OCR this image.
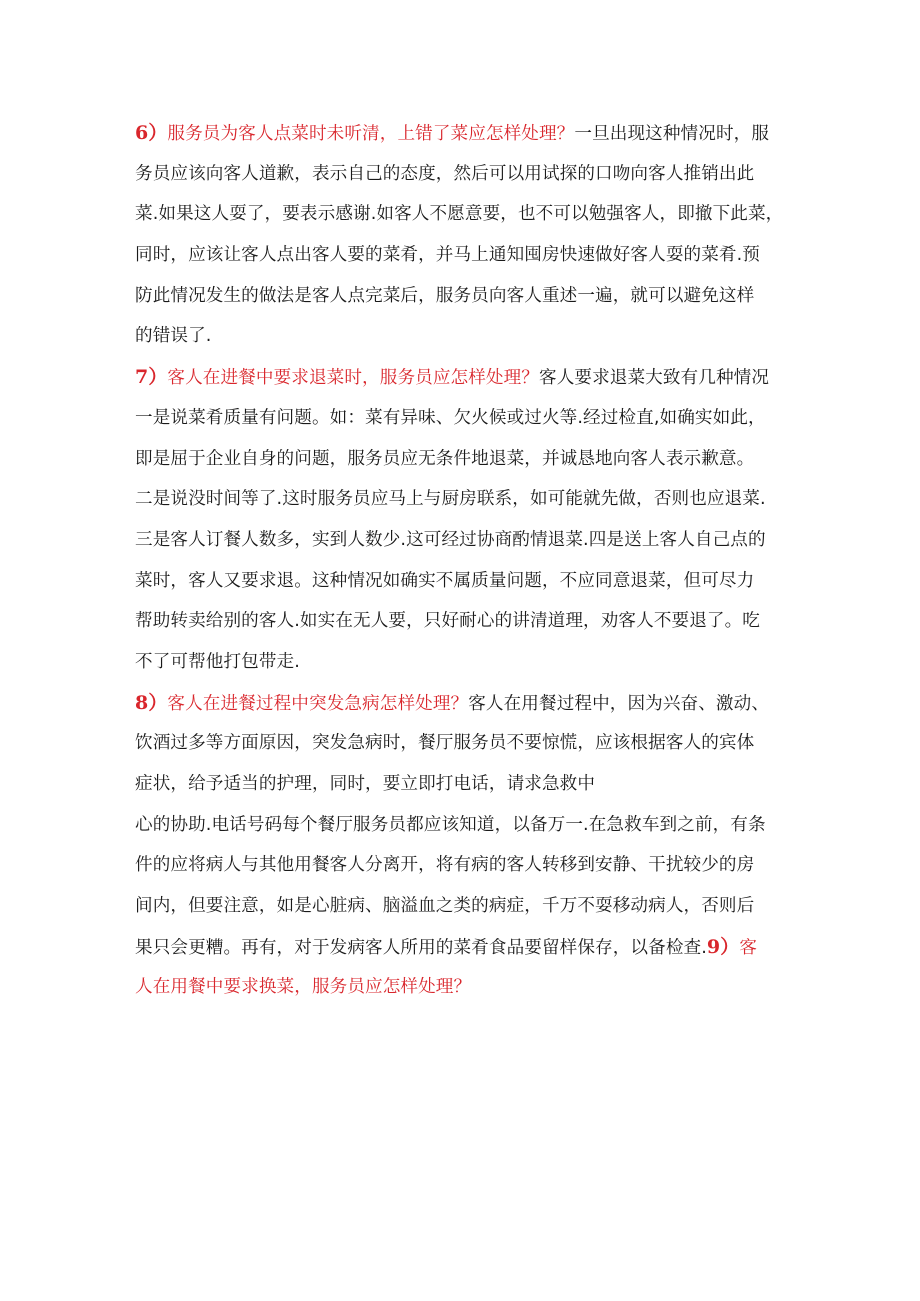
6）服务员为客人点菜时未听清，上错了菜应怎样处理？一旦出现这种情况时，服
务员应该向客人道歉，表示自己的态度，然后可以用试探的口吻向客人推销出此
菜.如果这人耍了，要表示感谢.如客人不愿意要，也不可以勉强客人，即撤下此菜，
同时，应该让客人点出客人要的菜肴，并马上通知囤房快速做好客人耍的菜肴.预
防此情况发生的做法是客人点完菜后，服务员向客人重述一遍，就可以避免这样
的错误了.
7）客人在进餐中要求退菜时，服务员应怎样处理？客人要求退菜大致有几种情况
一是说菜肴质量有问题。如：菜有异味、欠火候或过火等.经过检直,如确实如此，
即是屈于企业自身的问题，服务员应无条件地退菜，并诚恳地向客人表示歉意。
二是说没时间等了.这时服务员应马上与厨房联系，如可能就先做，否则也应退菜.
三是客人订餐人数多，实到人数少.这可经过协商酌情退菜.四是送上客人自己点的
菜时，客人又要求退。这种情况如确实不属质量问题，不应同意退菜，但可尽力
帮助转卖给别的客人.如实在无人要，只好耐心的讲清道理，劝客人不要退了。吃
不了可帮他打包带走.
8）客人在进餐过程中突发急病怎样处理？客人在用餐过程中，因为兴奋、激动、
饮酒过多等方面原因，突发急病时，餐厅服务员不要惊慌，应该根据客人的宾体
症状，给予适当的护理，同时，要立即打电话，请求急救中
心的协助.电话号码每个餐厅服务员都应该知道，以备万一.在急救车到之前，有条
件的应将病人与其他用餐客人分离开，将有病的客人转移到安静、干扰较少的房
间内，但要注意，如是心脏病、脑溢血之类的病症，千万不耍移动病人，否则后
果只会更糟。再有，对于发病客人所用的菜肴食品要留样保存，以备检查.9）客
人在用餐中要求换菜，服务员应怎样处理？
